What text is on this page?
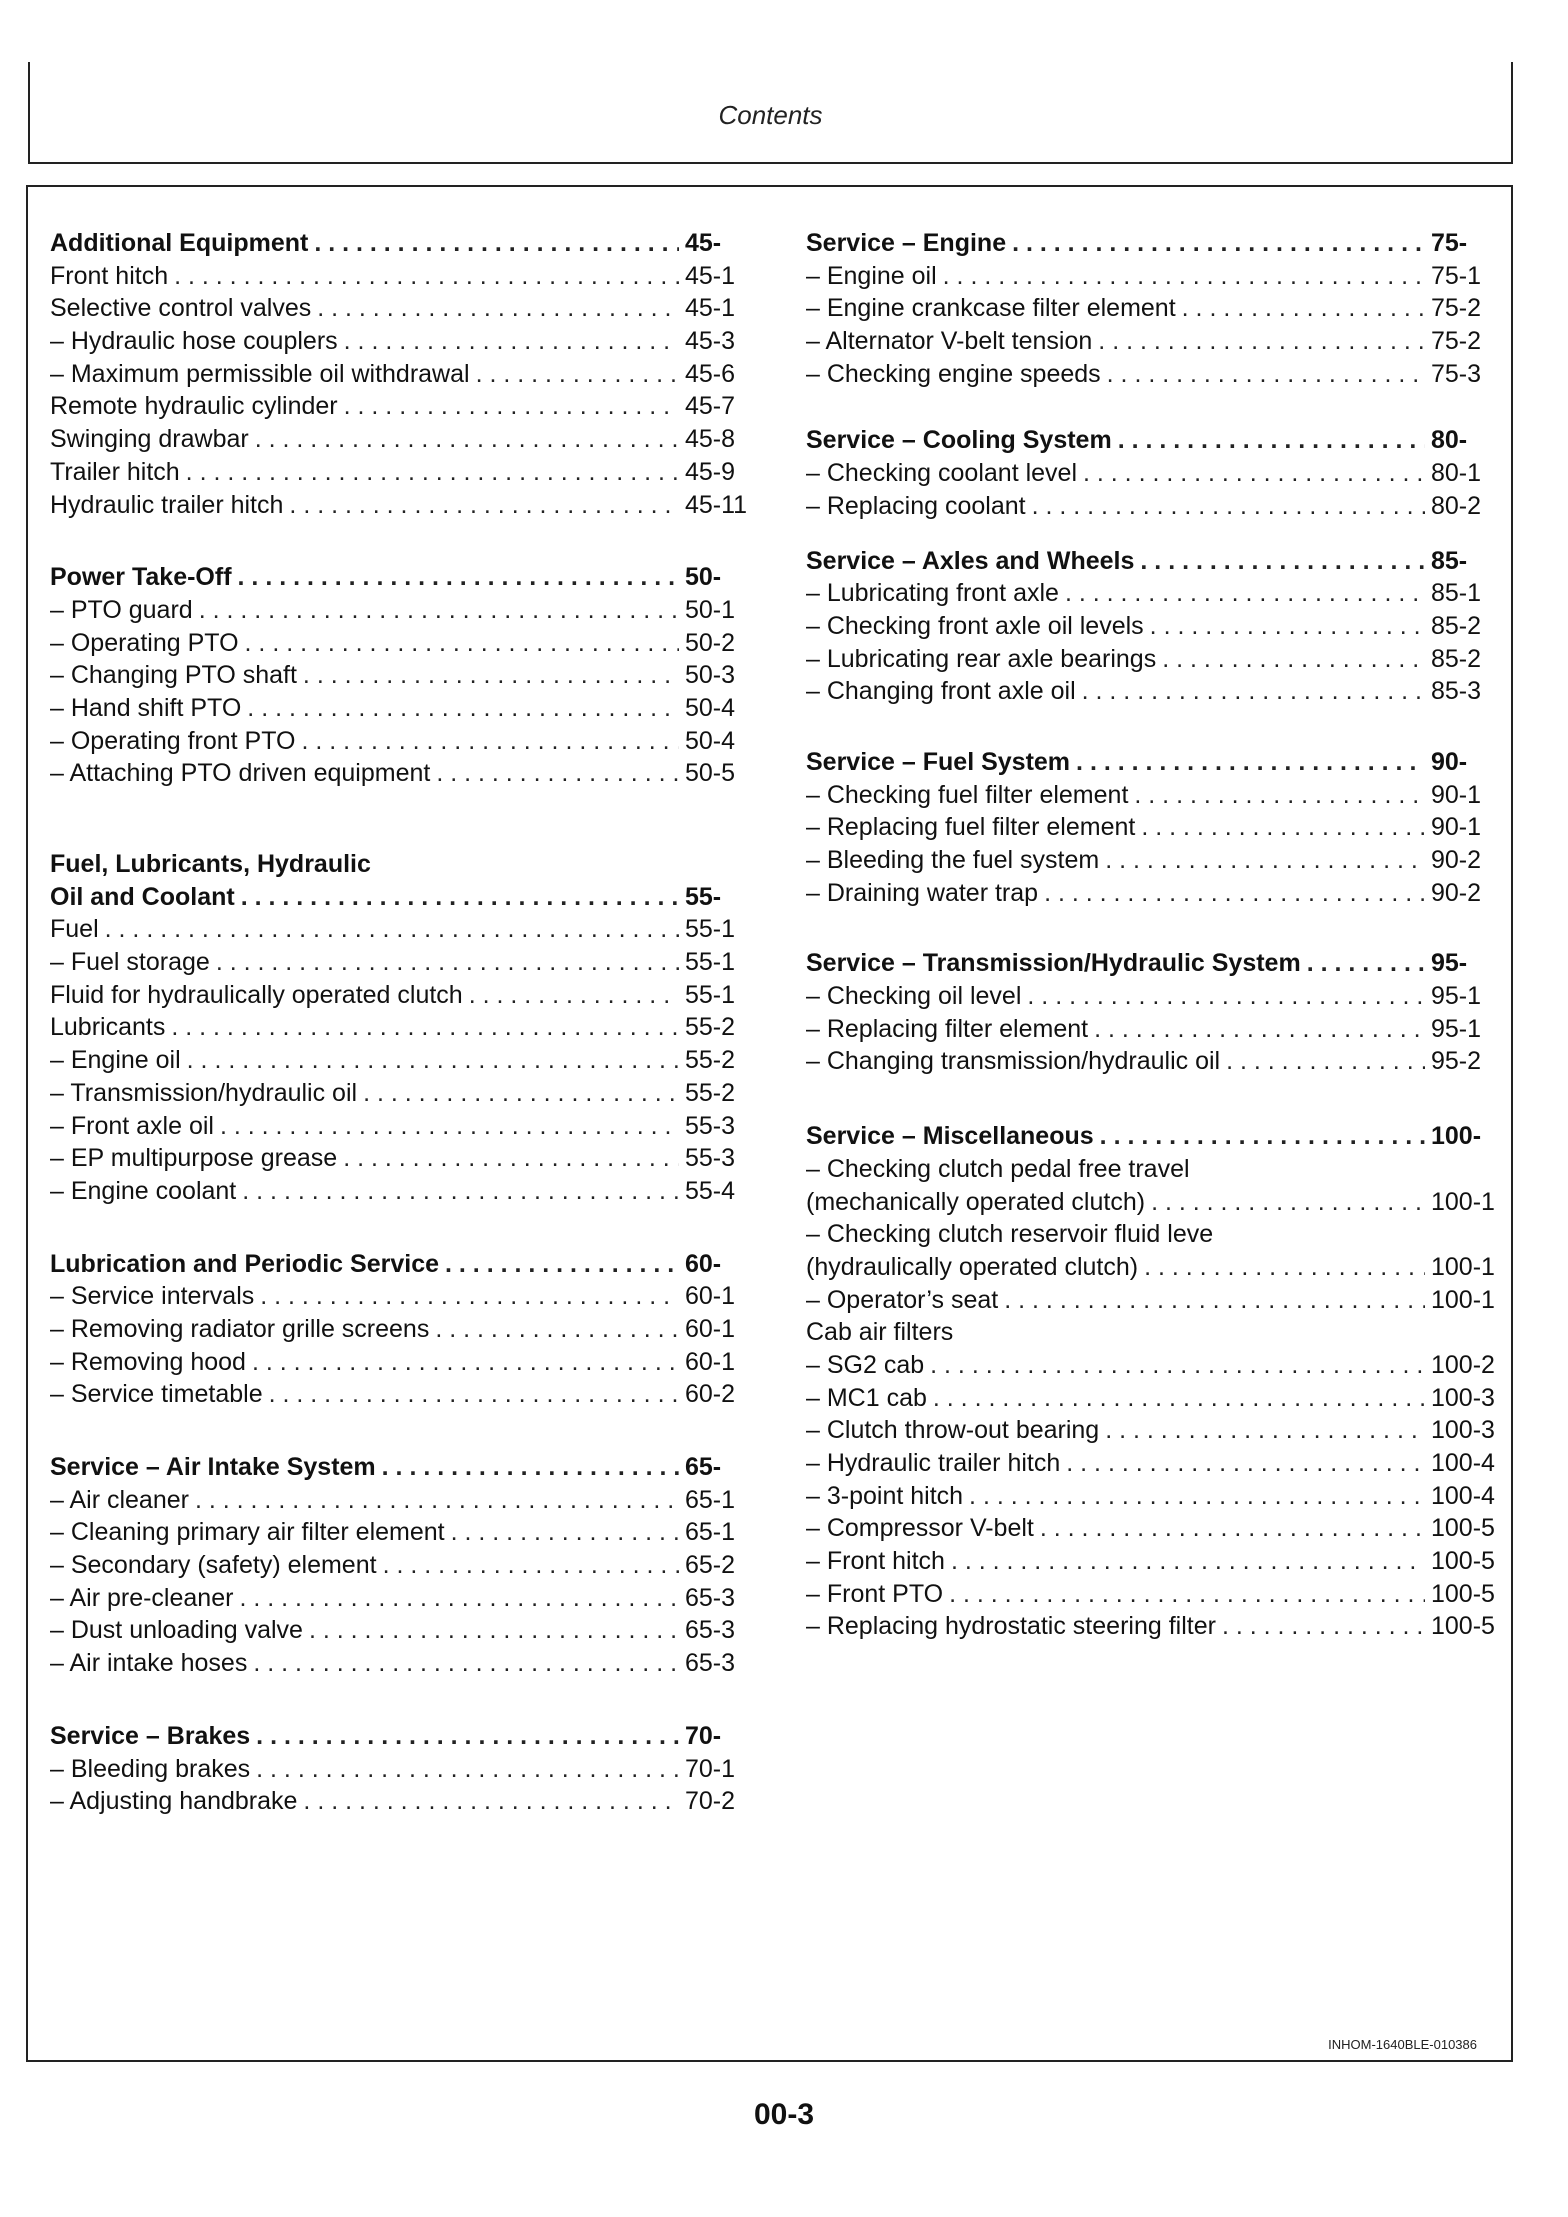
Contents
Additional Equipment . . .	45-
Front hitch . . .	45-1
Selective control valves . . .	45-1
– Hydraulic hose couplers . . .	45-3
– Maximum permissible oil withdrawal . . .	45-6
Remote hydraulic cylinder . . .	45-7
Swinging drawbar . . .	45-8
Trailer hitch . . .	45-9
Hydraulic trailer hitch . . .	45-11
Power Take-Off . . .	50-
– PTO guard . . .	50-1
– Operating PTO . . .	50-2
– Changing PTO shaft . . .	50-3
– Hand shift PTO . . .	50-4
– Operating front PTO . . .	50-4
– Attaching PTO driven equipment . . .	50-5
Fuel, Lubricants, Hydraulic
Oil and Coolant . . .	55-
Fuel . . .	55-1
– Fuel storage . . .	55-1
Fluid for hydraulically operated clutch . . .	55-1
Lubricants . . .	55-2
– Engine oil . . .	55-2
– Transmission/hydraulic oil . . .	55-2
– Front axle oil . . .	55-3
– EP multipurpose grease . . .	55-3
– Engine coolant . . .	55-4
Lubrication and Periodic Service . . .	60-
– Service intervals . . .	60-1
– Removing radiator grille screens . . .	60-1
– Removing hood . . .	60-1
– Service timetable . . .	60-2
Service – Air Intake System . . .	65-
– Air cleaner . . .	65-1
– Cleaning primary air filter element . . .	65-1
– Secondary (safety) element . . .	65-2
– Air pre-cleaner . . .	65-3
– Dust unloading valve . . .	65-3
– Air intake hoses . . .	65-3
Service – Brakes . . .	70-
– Bleeding brakes . . .	70-1
– Adjusting handbrake . . .	70-2
Service – Engine . . .	75-
– Engine oil . . .	75-1
– Engine crankcase filter element . . .	75-2
– Alternator V-belt tension . . .	75-2
– Checking engine speeds . . .	75-3
Service – Cooling System . . .	80-
– Checking coolant level . . .	80-1
– Replacing coolant . . .	80-2
Service – Axles and Wheels . . .	85-
– Lubricating front axle . . .	85-1
– Checking front axle oil levels . . .	85-2
– Lubricating rear axle bearings . . .	85-2
– Changing front axle oil . . .	85-3
Service – Fuel System . . .	90-
– Checking fuel filter element . . .	90-1
– Replacing fuel filter element . . .	90-1
– Bleeding the fuel system . . .	90-2
– Draining water trap . . .	90-2
Service – Transmission/Hydraulic System . . .	95-
– Checking oil level . . .	95-1
– Replacing filter element . . .	95-1
– Changing transmission/hydraulic oil . . .	95-2
Service – Miscellaneous . . .	100-
– Checking clutch pedal free travel
(mechanically operated clutch) . . .	100-1
– Checking clutch reservoir fluid leve
(hydraulically operated clutch) . . .	100-1
– Operator’s seat . . .	100-1
Cab air filters
– SG2 cab . . .	100-2
– MC1 cab . . .	100-3
– Clutch throw-out bearing . . .	100-3
– Hydraulic trailer hitch . . .	100-4
– 3-point hitch . . .	100-4
– Compressor V-belt . . .	100-5
– Front hitch . . .	100-5
– Front PTO . . .	100-5
– Replacing hydrostatic steering filter . . .	100-5
INHOM-1640BLE-010386
00-3
